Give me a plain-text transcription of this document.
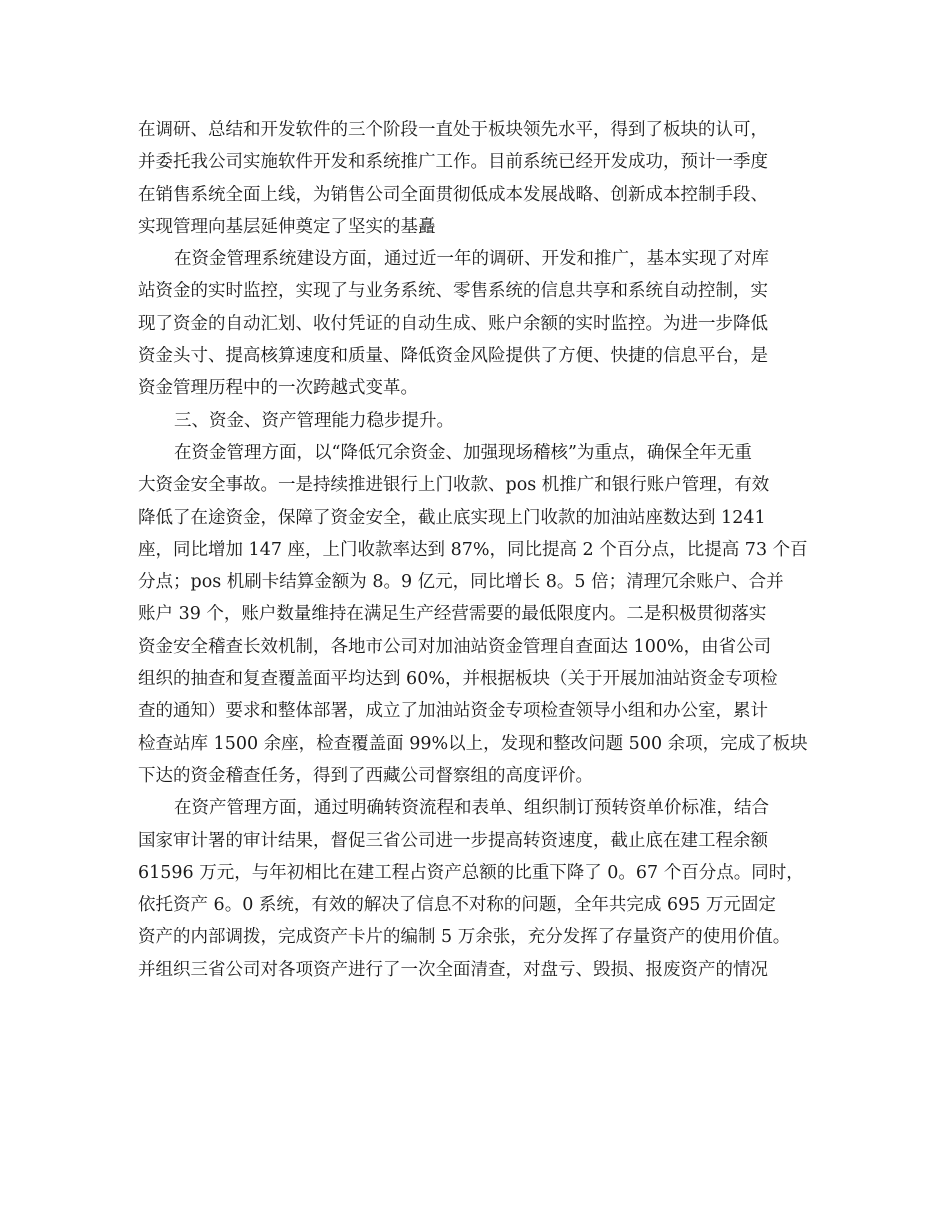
在调研、总结和开发软件的三个阶段一直处于板块领先水平，得到了板块的认可，
并委托我公司实施软件开发和系统推广工作。目前系统已经开发成功，预计一季度
在销售系统全面上线，为销售公司全面贯彻低成本发展战略、创新成本控制手段、
实现管理向基层延伸奠定了坚实的基矗
在资金管理系统建设方面，通过近一年的调研、开发和推广，基本实现了对库
站资金的实时监控，实现了与业务系统、零售系统的信息共享和系统自动控制，实
现了资金的自动汇划、收付凭证的自动生成、账户余额的实时监控。为进一步降低
资金头寸、提高核算速度和质量、降低资金风险提供了方便、快捷的信息平台，是
资金管理历程中的一次跨越式变革。
三、资金、资产管理能力稳步提升。
在资金管理方面，以“降低冗余资金、加强现场稽核”为重点，确保全年无重
大资金安全事故。一是持续推进银行上门收款、pos 机推广和银行账户管理，有效
降低了在途资金，保障了资金安全，截止底实现上门收款的加油站座数达到 1241
座，同比增加 147 座，上门收款率达到 87%，同比提高 2 个百分点，比提高 73 个百
分点；pos 机刷卡结算金额为 8。9 亿元，同比增长 8。5 倍；清理冗余账户、合并
账户 39 个，账户数量维持在满足生产经营需要的最低限度内。二是积极贯彻落实
资金安全稽查长效机制，各地市公司对加油站资金管理自查面达 100%，由省公司
组织的抽查和复查覆盖面平均达到 60%，并根据板块（关于开展加油站资金专项检
查的通知）要求和整体部署，成立了加油站资金专项检查领导小组和办公室，累计
检查站库 1500 余座，检查覆盖面 99%以上，发现和整改问题 500 余项，完成了板块
下达的资金稽查任务，得到了西藏公司督察组的高度评价。
在资产管理方面，通过明确转资流程和表单、组织制订预转资单价标准，结合
国家审计署的审计结果，督促三省公司进一步提高转资速度，截止底在建工程余额
61596 万元，与年初相比在建工程占资产总额的比重下降了 0。67 个百分点。同时，
依托资产 6。0 系统，有效的解决了信息不对称的问题，全年共完成 695 万元固定
资产的内部调拨，完成资产卡片的编制 5 万余张，充分发挥了存量资产的使用价值。
并组织三省公司对各项资产进行了一次全面清查，对盘亏、毁损、报废资产的情况
